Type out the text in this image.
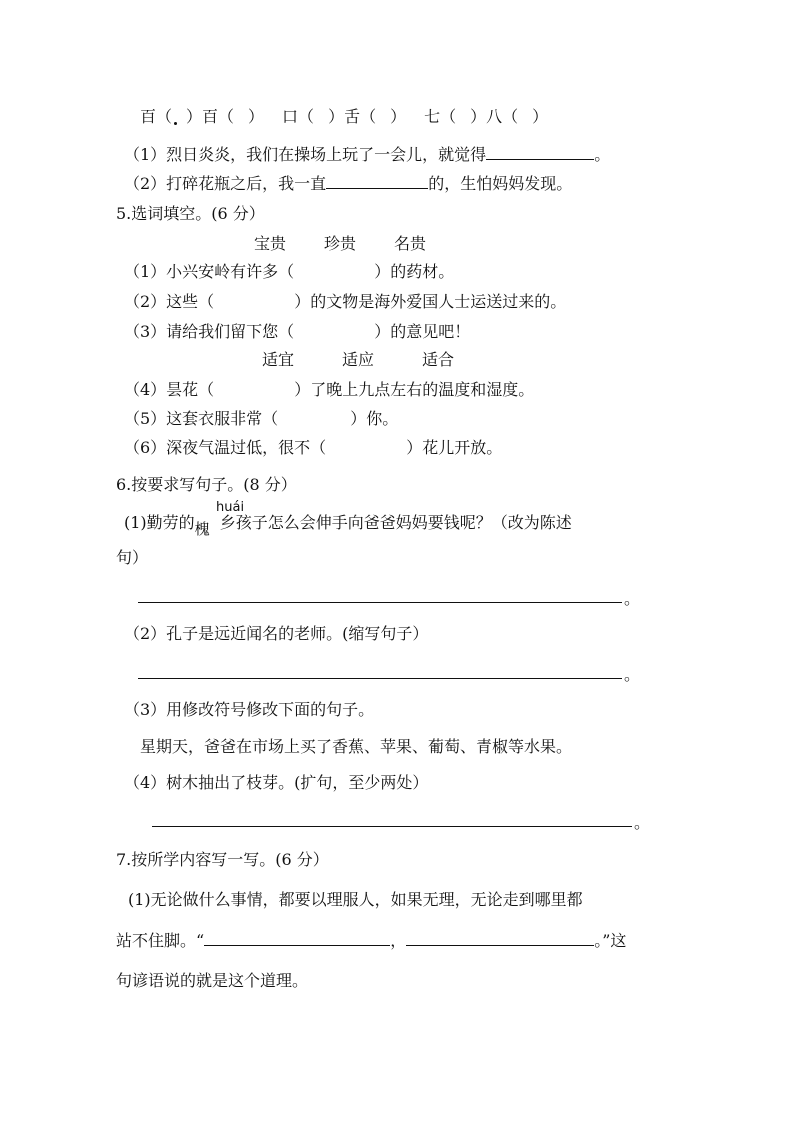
百（ ）百（ ） 口（ ）舌（ ） 七（ ）八（ ）
（1）烈日炎炎，我们在操场上玩了一会儿，就觉得	。
（2）打碎花瓶之后，我一直	的，生怕妈妈发现。
5.选词填空。(6 分）
宝贵 珍贵 名贵
（1）小兴安岭有许多（	）的药材。
（2）这些（	）的文物是海外爱国人士运送过来的。
（3）请给我们留下您（	）的意见吧！
适宜	适应	适合
（4）昙花（	）了晚上九点左右的温度和湿度。
（5）这套衣服非常（	）你。
（6）深夜气温过低，很不（	）花儿开放。
6.按要求写句子。(8 分）
huái
(1)勤劳的槐 乡孩子怎么会伸手向爸爸妈妈要钱呢？（改为陈述
句）
。
（2）孔子是远近闻名的老师。(缩写句子）
。
（3）用修改符号修改下面的句子。
星期天，爸爸在市场上买了香蕉、苹果、葡萄、青椒等水果。
（4）树木抽出了枝芽。(扩句，至少两处）
。
7.按所学内容写一写。(6 分）
(1)无论做什么事情，都要以理服人，如果无理，无论走到哪里都
站不住脚。“	，	。”这
句谚语说的就是这个道理。
